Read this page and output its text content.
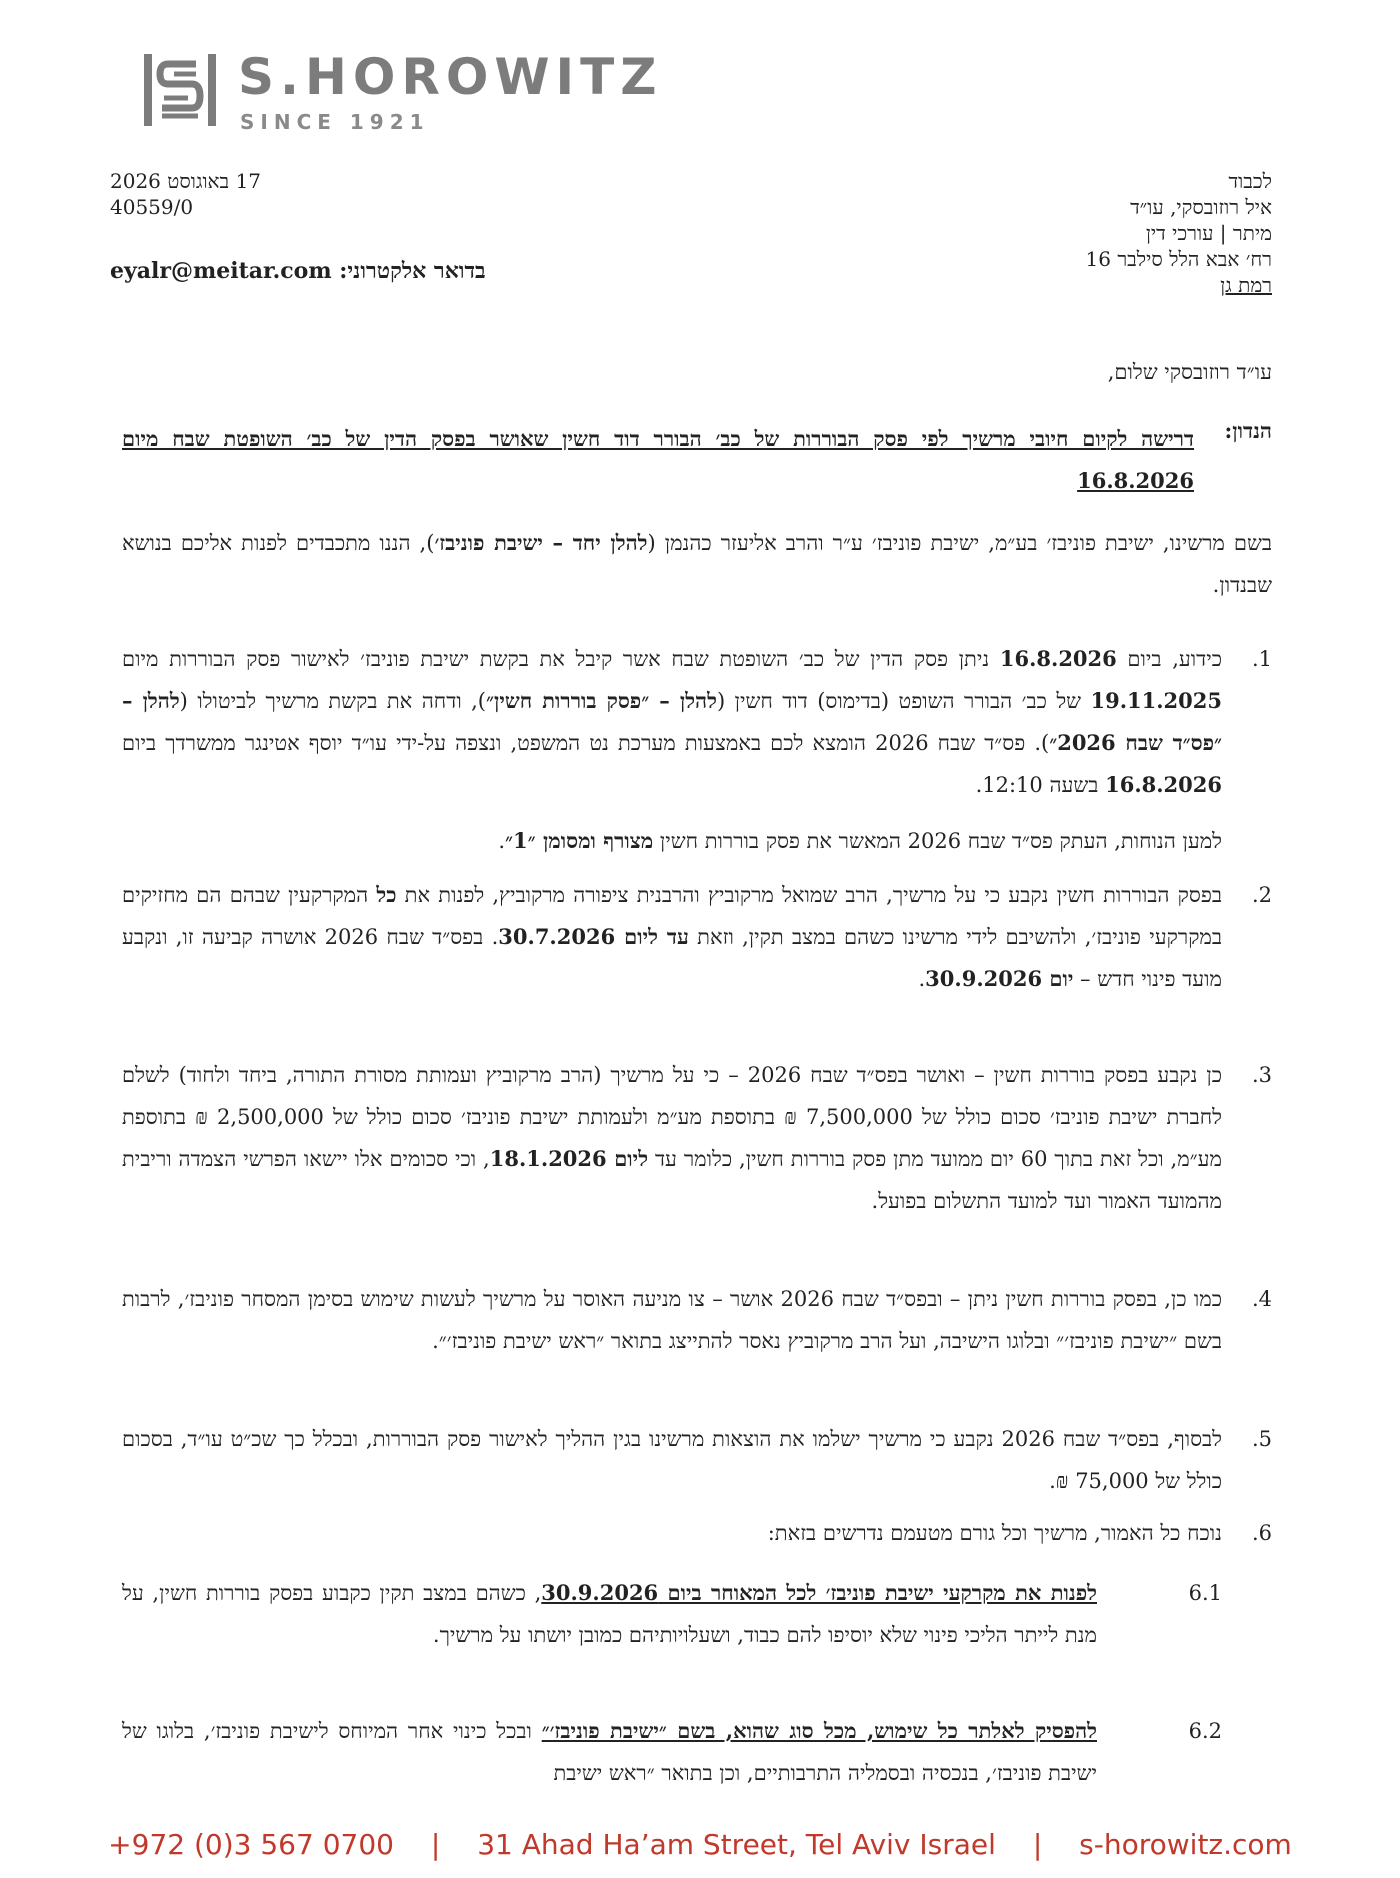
S.HOROWITZ
SINCE 1921
לכבוד
איל רוזובסקי, עו״ד
מיתר | עורכי דין
רח׳ אבא הלל סילבר 16
רמת גן
17 באוגוסט 2026
40559/0
בדואר אלקטרוני: eyalr@meitar.com
עו״ד רוזובסקי שלום,
הנדון:
דרישה לקיום חיובי מרשיך לפי פסק הבוררות של כב׳ הבורר דוד חשין שאושר בפסק הדין של כב׳ השופטת שבח מיום 16.8.2026
בשם מרשינו, ישיבת פוניבז׳ בע״מ, ישיבת פוניבז׳ ע״ר והרב אליעזר כהנמן (להלן יחד – ישיבת פוניבז׳), הננו מתכבדים לפנות אליכם בנושא שבנדון.
1.
כידוע, ביום 16.8.2026 ניתן פסק הדין של כב׳ השופטת שבח אשר קיבל את בקשת ישיבת פוניבז׳ לאישור פסק הבוררות מיום 19.11.2025 של כב׳ הבורר השופט (בדימוס) דוד חשין (להלן – ״פסק בוררות חשין״), ודחה את בקשת מרשיך לביטולו (להלן – ״פס״ד שבח 2026״). פס״ד שבח 2026 הומצא לכם באמצעות מערכת נט המשפט, ונצפה על-ידי עו״ד יוסף אטינגר ממשרדך ביום 16.8.2026 בשעה 12:10.
למען הנוחות, העתק פס״ד שבח 2026 המאשר את פסק בוררות חשין מצורף ומסומן ״1״.
2.
בפסק הבוררות חשין נקבע כי על מרשיך, הרב שמואל מרקוביץ והרבנית ציפורה מרקוביץ, לפנות את כל המקרקעין שבהם הם מחזיקים במקרקעי פוניבז׳, ולהשיבם לידי מרשינו כשהם במצב תקין, וזאת עד ליום 30.7.2026. בפס״ד שבח 2026 אושרה קביעה זו, ונקבע מועד פינוי חדש – יום 30.9.2026.
3.
כן נקבע בפסק בוררות חשין – ואושר בפס״ד שבח 2026 – כי על מרשיך (הרב מרקוביץ ועמותת מסורת התורה, ביחד ולחוד) לשלם לחברת ישיבת פוניבז׳ סכום כולל של 7,500,000 ₪ בתוספת מע״מ ולעמותת ישיבת פוניבז׳ סכום כולל של 2,500,000 ₪ בתוספת מע״מ, וכל זאת בתוך 60 יום ממועד מתן פסק בוררות חשין, כלומר עד ליום 18.1.2026, וכי סכומים אלו יישאו הפרשי הצמדה וריבית מהמועד האמור ועד למועד התשלום בפועל.
4.
כמו כן, בפסק בוררות חשין ניתן – ובפס״ד שבח 2026 אושר – צו מניעה האוסר על מרשיך לעשות שימוש בסימן המסחר פוניבז׳, לרבות בשם ״ישיבת פוניבז׳״ ובלוגו הישיבה, ועל הרב מרקוביץ נאסר להתייצג בתואר ״ראש ישיבת פוניבז׳״.
5.
לבסוף, בפס״ד שבח 2026 נקבע כי מרשיך ישלמו את הוצאות מרשינו בגין ההליך לאישור פסק הבוררות, ובכלל כך שכ״ט עו״ד, בסכום כולל של 75,000 ₪.
6.
נוכח כל האמור, מרשיך וכל גורם מטעמם נדרשים בזאת:
6.1
לפנות את מקרקעי ישיבת פוניבז׳ לכל המאוחר ביום 30.9.2026, כשהם במצב תקין כקבוע בפסק בוררות חשין, על מנת לייתר הליכי פינוי שלא יוסיפו להם כבוד, ושעלויותיהם כמובן יושתו על מרשיך.
6.2
להפסיק לאלתר כל שימוש, מכל סוג שהוא, בשם ״ישיבת פוניבז׳״ ובכל כינוי אחר המיוחס לישיבת פוניבז׳, בלוגו של ישיבת פוניבז׳, בנכסיה ובסמליה התרבותיים, וכן בתואר ״ראש ישיבת
+972 (0)3 567 0700 | 31 Ahad Ha’am Street, Tel Aviv Israel | s-horowitz.com
